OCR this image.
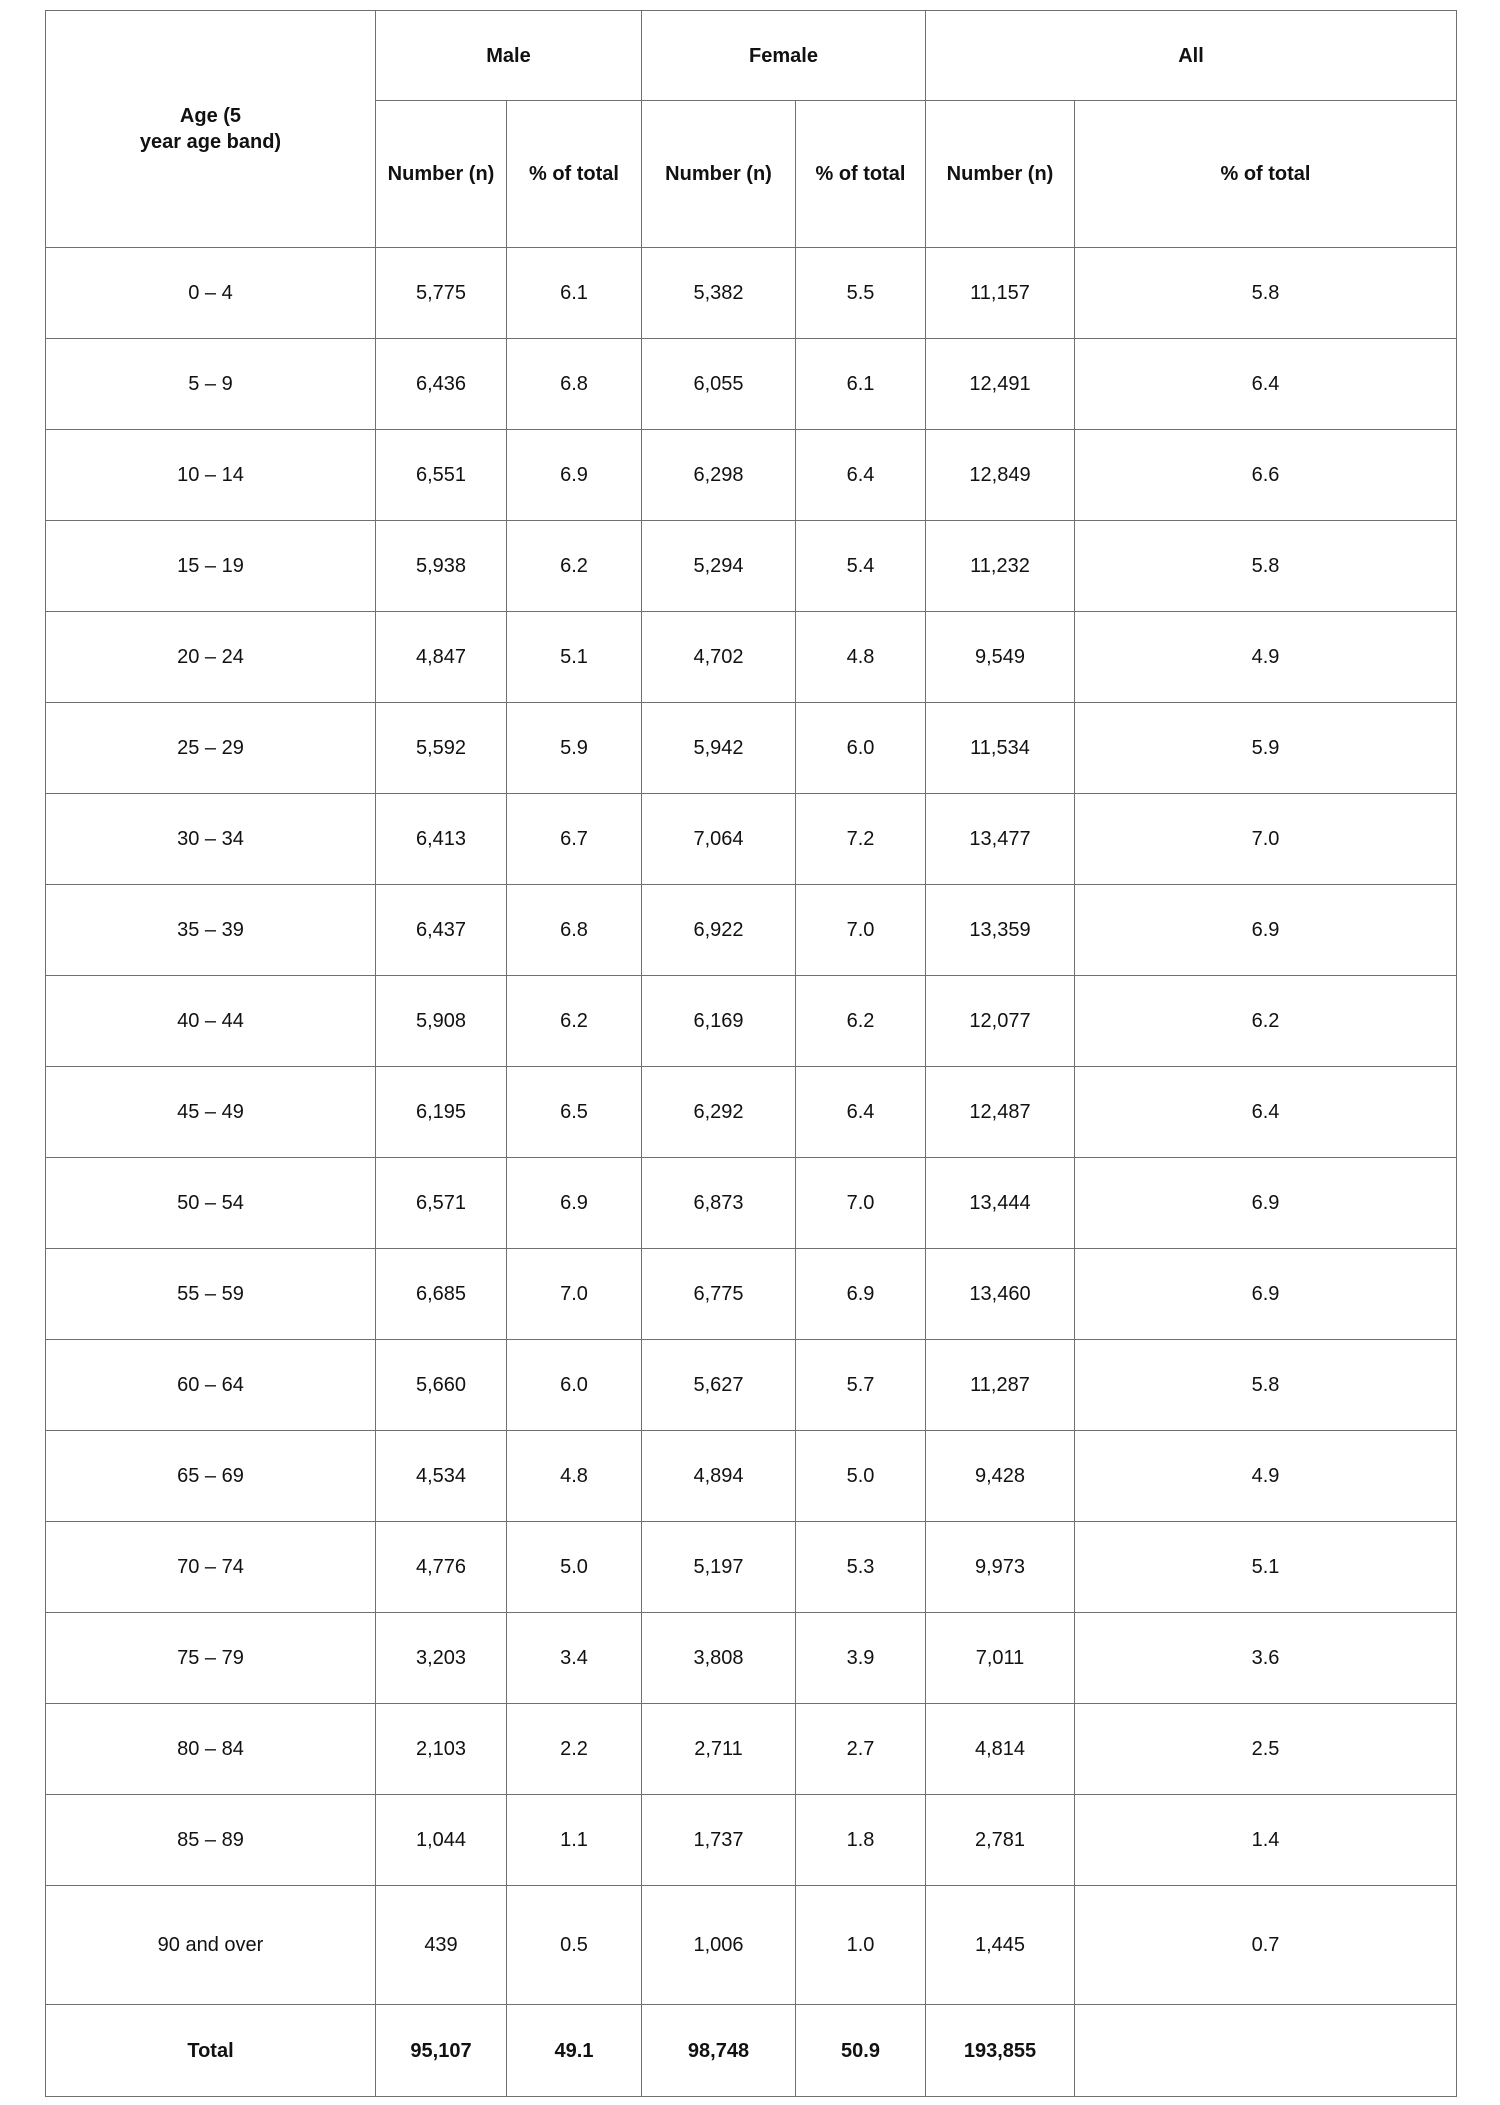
Age (5
year age band)	Male		Female		All	
	Number (n)	% of total	Number (n)	% of total	Number (n)	% of total
0 – 4	5,775	6.1	5,382	5.5	11,157	5.8
5 – 9	6,436	6.8	6,055	6.1	12,491	6.4
10 – 14	6,551	6.9	6,298	6.4	12,849	6.6
15 – 19	5,938	6.2	5,294	5.4	11,232	5.8
20 – 24	4,847	5.1	4,702	4.8	9,549	4.9
25 – 29	5,592	5.9	5,942	6.0	11,534	5.9
30 – 34	6,413	6.7	7,064	7.2	13,477	7.0
35 – 39	6,437	6.8	6,922	7.0	13,359	6.9
40 – 44	5,908	6.2	6,169	6.2	12,077	6.2
45 – 49	6,195	6.5	6,292	6.4	12,487	6.4
50 – 54	6,571	6.9	6,873	7.0	13,444	6.9
55 – 59	6,685	7.0	6,775	6.9	13,460	6.9
60 – 64	5,660	6.0	5,627	5.7	11,287	5.8
65 – 69	4,534	4.8	4,894	5.0	9,428	4.9
70 – 74	4,776	5.0	5,197	5.3	9,973	5.1
75 – 79	3,203	3.4	3,808	3.9	7,011	3.6
80 – 84	2,103	2.2	2,711	2.7	4,814	2.5
85 – 89	1,044	1.1	1,737	1.8	2,781	1.4
90 and over	439	0.5	1,006	1.0	1,445	0.7
Total	95,107	49.1	98,748	50.9	193,855	
